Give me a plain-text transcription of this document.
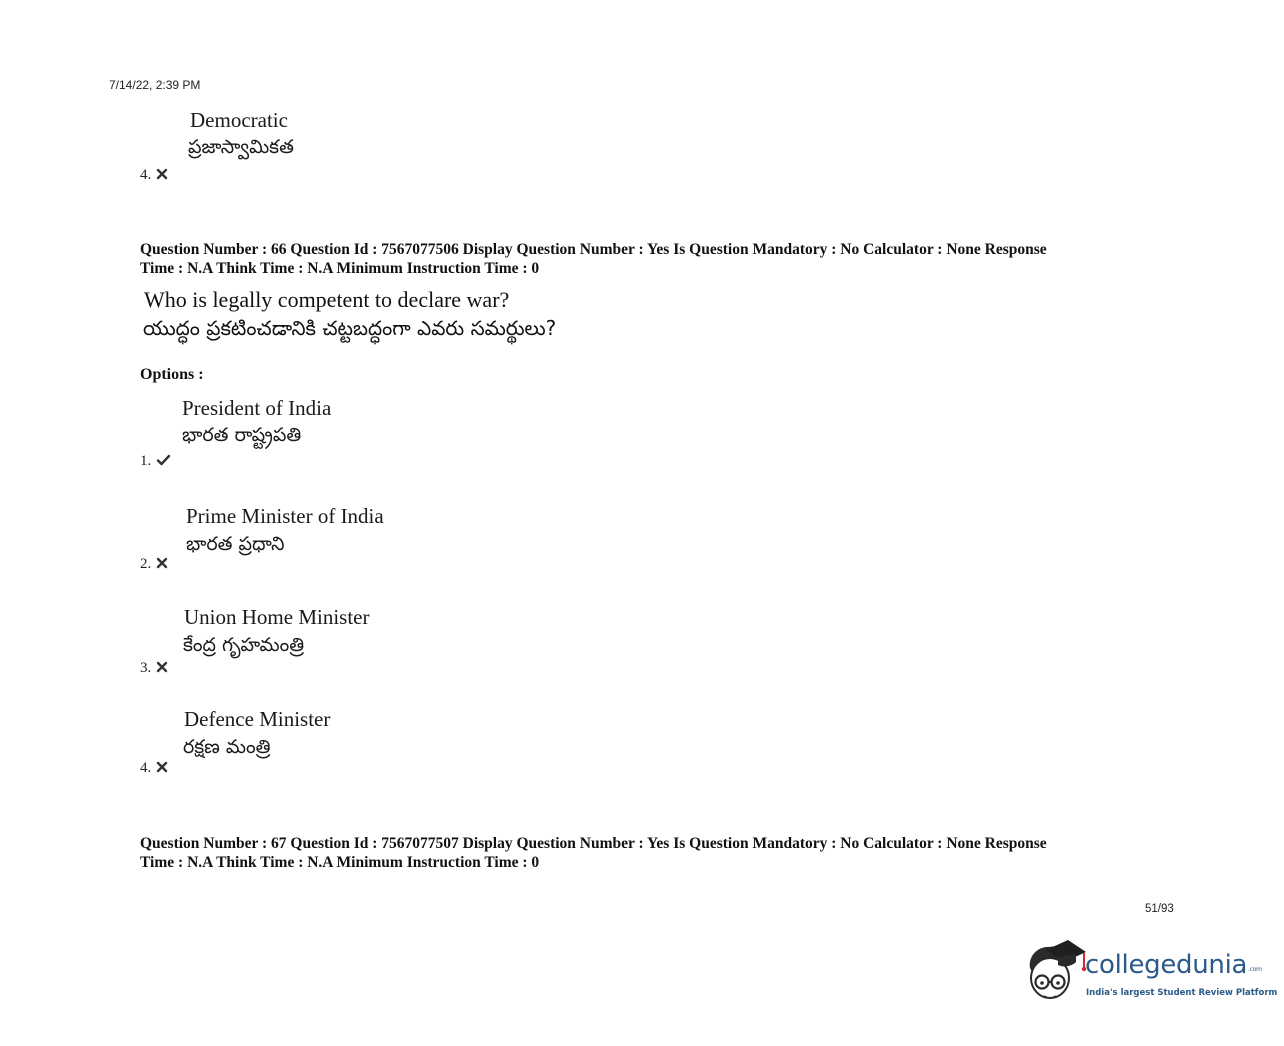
7/14/22, 2:39 PM
Democratic
ప్రజాస్వామికత
4.
Question Number : 66 Question Id : 7567077506 Display Question Number : Yes Is Question Mandatory : No Calculator : None Response
Time : N.A Think Time : N.A Minimum Instruction Time : 0
Who is legally competent to declare war?
యుద్ధం ప్రకటించడానికి చట్టబద్ధంగా ఎవరు సమర్థులు?
Options :
President of India
భారత రాష్ట్రపతి
1.
Prime Minister of India
భారత ప్రధాని
2.
Union Home Minister
కేంద్ర గృహమంత్రి
3.
Defence Minister
రక్షణ మంత్రి
4.
Question Number : 67 Question Id : 7567077507 Display Question Number : Yes Is Question Mandatory : No Calculator : None Response
Time : N.A Think Time : N.A Minimum Instruction Time : 0
51/93
collegedunia.com
India's largest Student Review Platform
